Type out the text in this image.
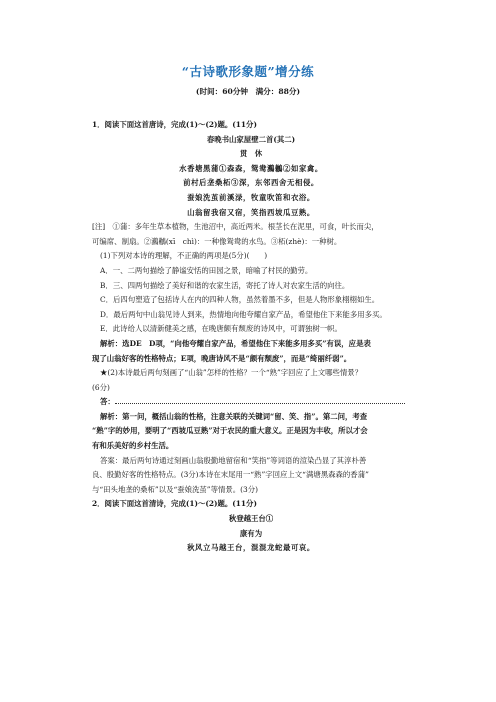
“古诗歌形象题”增分练
(时间：60分钟　满分：88分)
1．阅读下面这首唐诗，完成(1)～(2)题。(11分)
春晚书山家屋壁二首(其二)
贯　休
水香塘黑蒲①森森，鸳鸯鸂鶒②如家禽。
前村后垄桑柘③深，东邻西舍无相侵。
蚕娘洗茧前溪渌，牧童吹笛和衣浴。
山翁留我宿又宿，笑指西坡瓜豆熟。
[注]　①蒲：多年生草本植物，生池沼中，高近两米。根茎长在泥里，可食，叶长而尖，
可编席、制扇。②鸂鶒(xī　chì)：一种像鸳鸯的水鸟。③柘(zhè)：一种树。
(1)下列对本诗的理解，不正确的两项是(5分)(　　)
A．一、二两句描绘了静谧安恬的田园之景，暗喻了村民的勤劳。
B．三、四两句描绘了美好和谐的农家生活，寄托了诗人对农家生活的向往。
C．后四句塑造了包括诗人在内的四种人物，虽然着墨不多，但是人物形象栩栩如生。
D．最后两句中山翁见诗人到来，热情地向他夸耀自家产品，希望他住下来能多用多买。
E．此诗给人以清新健美之感，在晚唐颇有颓废的诗风中，可谓独树一帜。
解析：选DE　D项，“向他夸耀自家产品，希望他住下来能多用多买”有误，应是表
现了山翁好客的性格特点；E项，晚唐诗风不是“颇有颓废”，而是“绮丽纤弱”。
★(2)本诗最后两句刻画了“山翁”怎样的性格？一个“熟”字回应了上文哪些情景？
(6分)
答：
解析：第一问，概括山翁的性格，注意关联的关键词“留、笑、指”。第二问，考查
“熟”字的妙用，要明了“西坡瓜豆熟”对于农民的重大意义。正是因为丰收，所以才会
有和乐美好的乡村生活。
答案：最后两句诗通过刻画山翁殷勤地留宿和“笑指”等词语的渲染凸显了其淳朴善
良、殷勤好客的性格特点。(3分)本诗在末尾用一“熟”字回应上文“满塘黑森森的香蒲”
与“田头地垄的桑柘”以及“蚕娘洗茧”等情景。(3分)
2．阅读下面这首清诗，完成(1)～(2)题。(11分)
秋登越王台①
康有为
秋风立马越王台，混混龙蛇最可哀。
